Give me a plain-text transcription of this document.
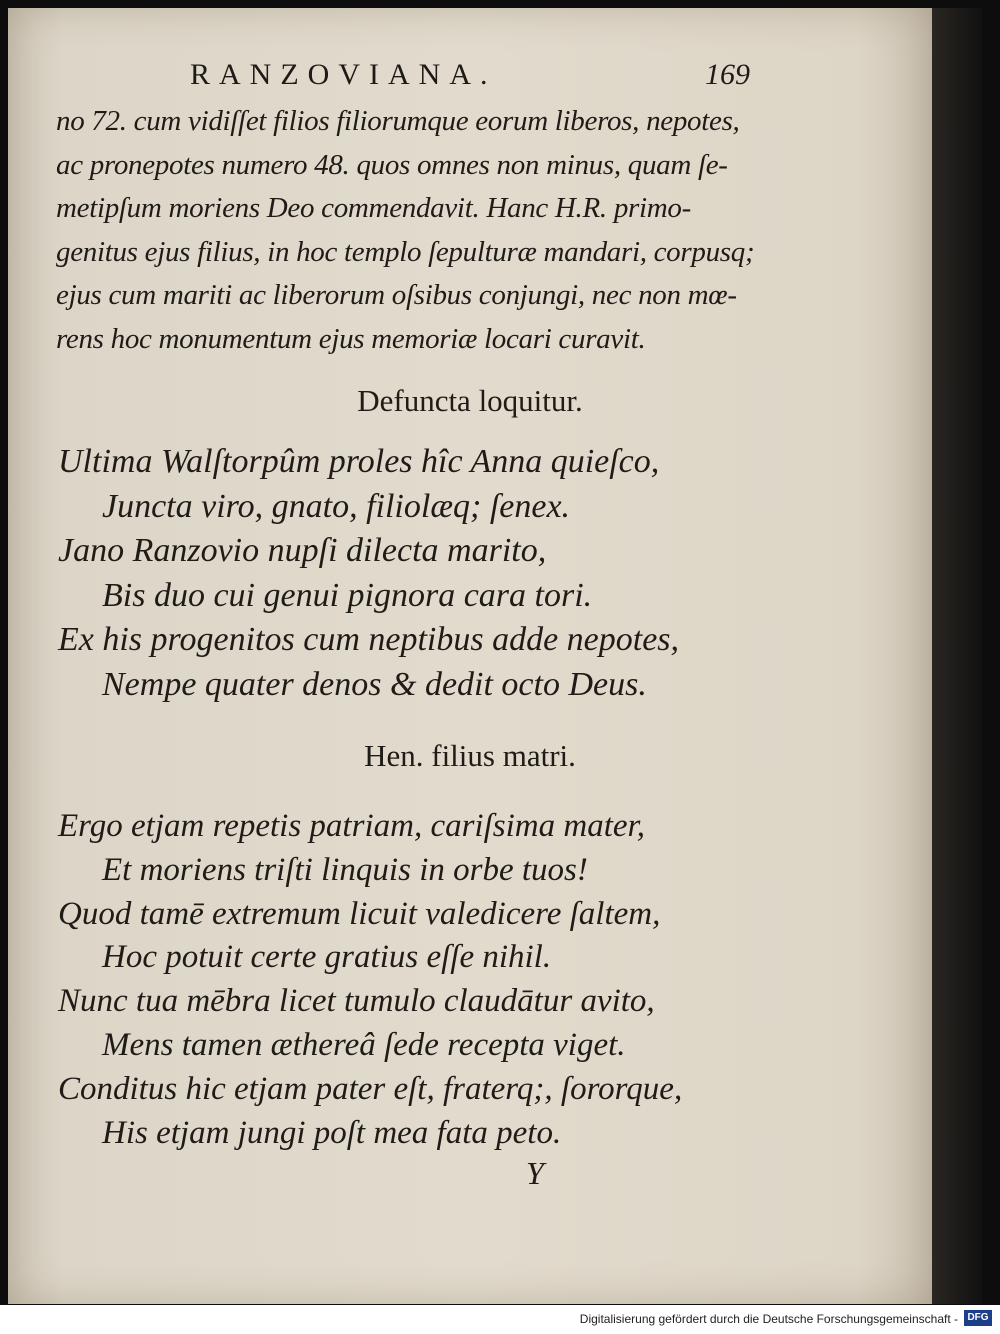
RANZOVIANA.	169
no 72. cum vidiſſet filios filiorumque eorum liberos, nepotes,
ac pronepotes numero 48. quos omnes non minus, quam ſe-
metipſum moriens Deo commendavit. Hanc H.R. primo-
genitus ejus filius, in hoc templo ſepulturæ mandari, corpusq;
ejus cum mariti ac liberorum oſsibus conjungi, nec non mœ-
rens hoc monumentum ejus memoriæ locari curavit.
Defuncta loquitur.
Ultima Walſtorpûm proles hîc Anna quieſco,
Juncta viro, gnato, filiolæq; ſenex.
Jano Ranzovio nupſi dilecta marito,
Bis duo cui genui pignora cara tori.
Ex his progenitos cum neptibus adde nepotes,
Nempe quater denos & dedit octo Deus.
Hen. filius matri.
Ergo etjam repetis patriam, cariſsima mater,
Et moriens triſti linquis in orbe tuos!
Quod tamē extremum licuit valedicere ſaltem,
Hoc potuit certe gratius eſſe nihil.
Nunc tua mēbra licet tumulo claudātur avito,
Mens tamen æthereâ ſede recepta viget.
Conditus hic etjam pater eſt, fraterq;, ſororque,
His etjam jungi poſt mea fata peto.
Y
Digitalisierung gefördert durch die Deutsche Forschungsgemeinschaft - DFG
